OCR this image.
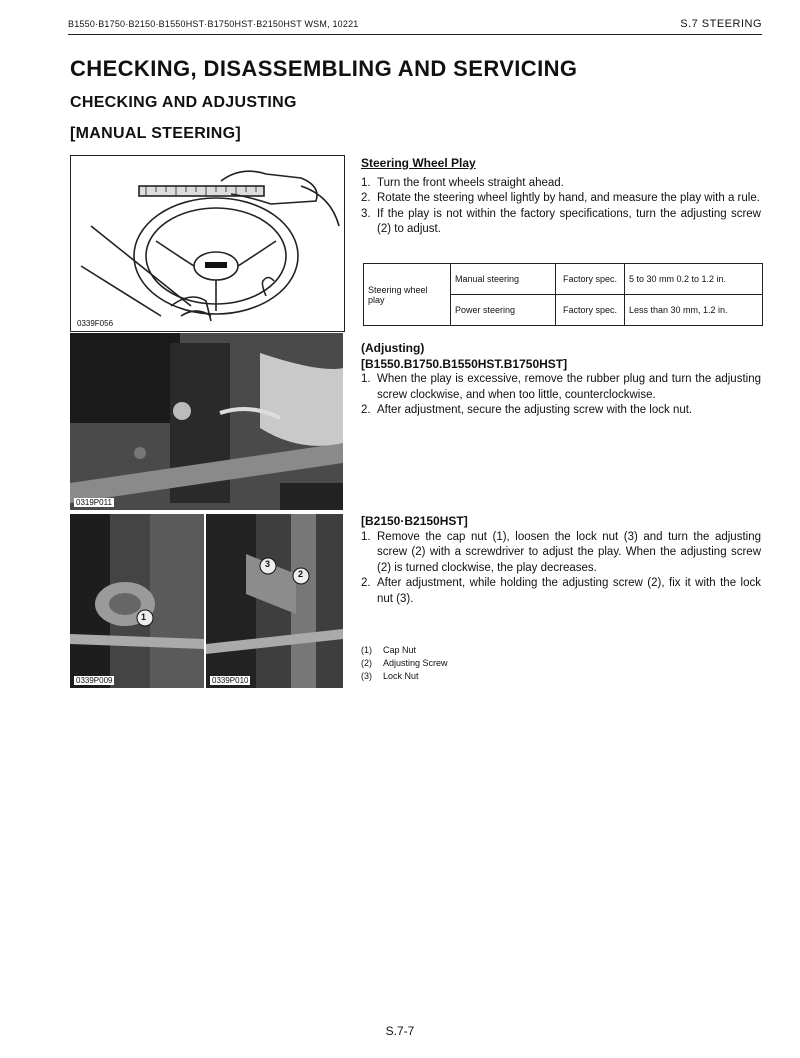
B1550·B1750·B2150·B1550HST·B1750HST·B2150HST WSM, 10221	S.7 STEERING
CHECKING, DISASSEMBLING AND SERVICING
CHECKING AND ADJUSTING
[MANUAL STEERING]
0339F056
0319P011
1
0339P009
3
2
0339P010
Steering Wheel Play
1. Turn the front wheels straight ahead.
2. Rotate the steering wheel lightly by hand, and measure the play with a rule.
3. If the play is not within the factory specifications, turn the adjusting screw (2) to adjust.
Steering wheel play	Manual steering	Factory spec.	5 to 30 mm 0.2 to 1.2 in.
	Power steering	Factory spec.	Less than 30 mm, 1.2 in.
(Adjusting)
[B1550.B1750.B1550HST.B1750HST]
1. When the play is excessive, remove the rubber plug and turn the adjusting screw clockwise, and when too little, counterclockwise.
2. After adjustment, secure the adjusting screw with the lock nut.
[B2150·B2150HST]
1. Remove the cap nut (1), loosen the lock nut (3) and turn the adjusting screw (2) with a screwdriver to adjust the play. When the adjusting screw (2) is turned clockwise, the play decreases.
2. After adjustment, while holding the adjusting screw (2), fix it with the lock nut (3).
(1) Cap Nut
(2) Adjusting Screw
(3) Lock Nut
S.7-7
